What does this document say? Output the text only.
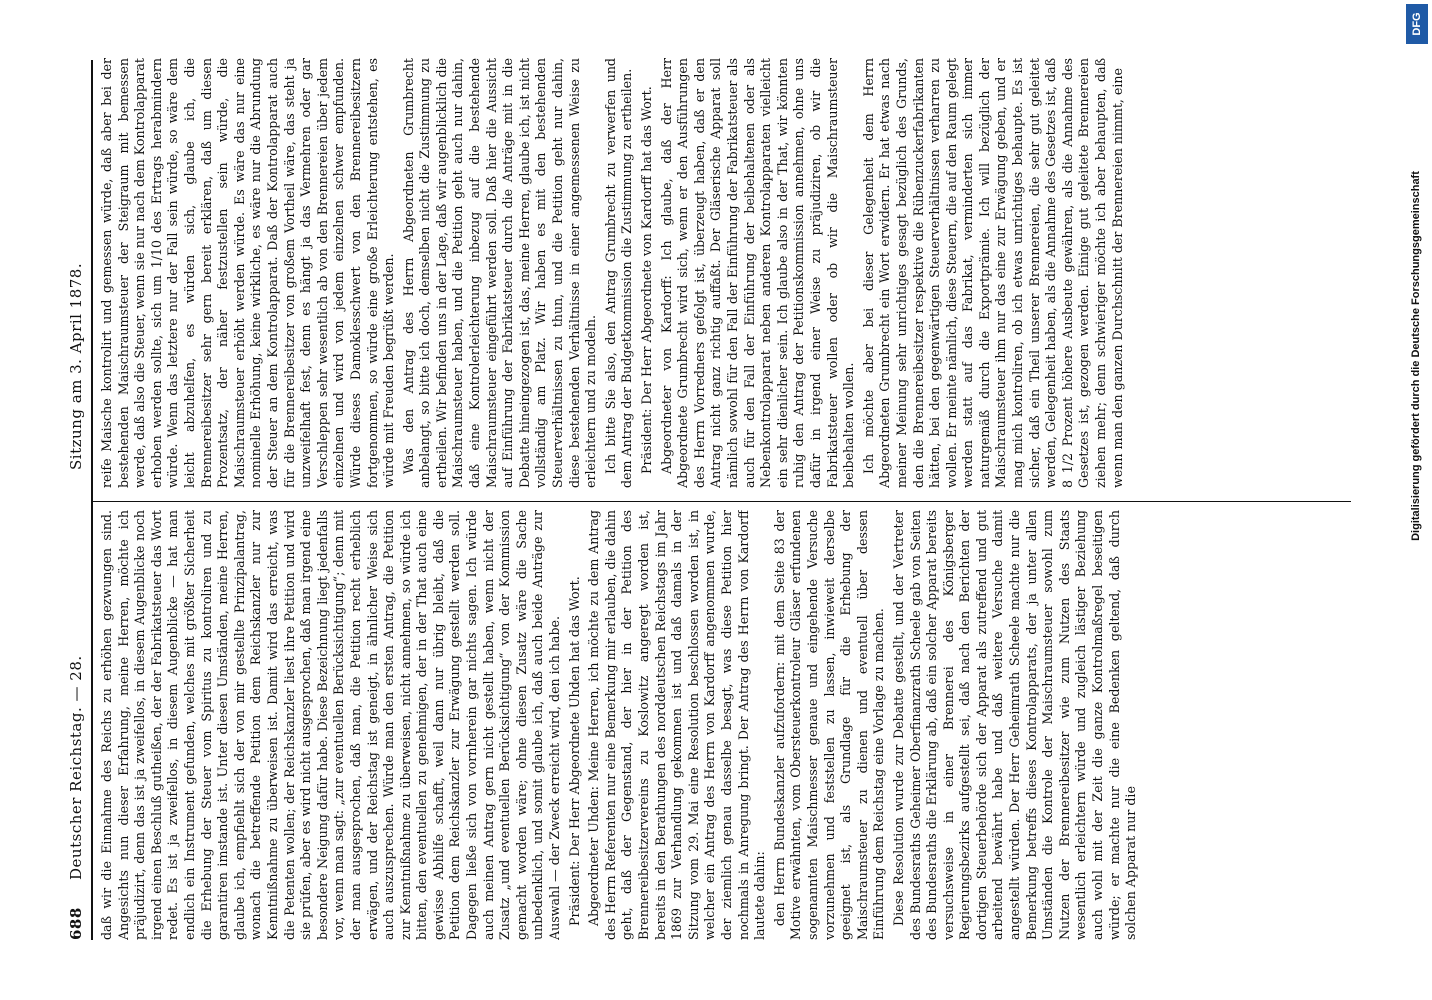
688
Deutscher Reichstag. — 28.
Sitzung am 3. April 1878.

daß wir die Einnahme des Reichs zu erhöhen gezwungen sind. Angesichts nun dieser Erfahrung, meine Herren, möchte ich präjudizirt, denn das ist ja zweifellos, in diesem Augenblicke noch irgend einen Beschluß gutheißen, der der Fabrikatsteuer das Wort redet. Es ist ja zweifellos, in diesem Augenblicke — hat man endlich ein Instrument gefunden, welches mit größter Sicherheit die Erhebung der Steuer vom Spiritus zu kontroliren und zu garantiren imstande ist. Unter diesen Umständen, meine Herren, glaube ich, empfiehlt sich der von mir gestellte Prinzipalantrag, wonach die betreffende Petition dem Reichskanzler nur zur Kenntnißnahme zu überweisen ist. Damit wird das erreicht, was die Petenten wollen; der Reichskanzler liest ihre Petition und wird sie prüfen, aber es wird nicht ausgesprochen, daß man irgend eine besondere Neigung dafür habe. Diese Bezeichnung liegt jedenfalls vor, wenn man sagt: „zur eventuellen Berücksichtigung“; denn mit der man ausgesprochen, daß man, die Petition recht erheblich erwägen, und der Reichstag ist geneigt, in ähnlicher Weise sich auch auszusprechen. Würde man den ersten Antrag, die Petition zur Kenntnißnahme zu überweisen, nicht annehmen, so würde ich bitten, den eventuellen zu genehmigen, der in der That auch eine gewisse Abhilfe schafft, weil dann nur übrig bleibt, daß die Petition dem Reichskanzler zur Erwägung gestellt werden soll. Dagegen ließe sich von vornherein gar nichts sagen. Ich würde auch meinen Antrag gern nicht gestellt haben, wenn nicht der Zusatz „und eventuellen Berücksichtigung“ von der Kommission gemacht worden wäre; ohne diesen Zusatz wäre die Sache unbedenklich, und somit glaube ich, daß auch beide Anträge zur Auswahl — der Zweck erreicht wird, den ich habe. Präsident: Der Herr Abgeordnete Uhden hat das Wort. Abgeordneter Uhden: Meine Herren, ich möchte zu dem Antrag des Herrn Referenten nur eine Bemerkung mir erlauben, die dahin geht, daß der Gegenstand, der hier in der Petition des Brennereibesitzervereins zu Koslowitz angeregt worden ist, bereits in den Berathungen des norddeutschen Reichstags im Jahr 1869 zur Verhandlung gekommen ist und daß damals in der Sitzung vom 29. Mai eine Resolution beschlossen worden ist, in welcher ein Antrag des Herrn von Kardorff angenommen wurde, der ziemlich genau dasselbe besagt, was diese Petition hier nochmals in Anregung bringt. Der Antrag des Herrn von Kardorff lautete dahin: den Herrn Bundeskanzler aufzufordern: mit dem Seite 83 der Motive erwähnten, vom Obersteuerkontroleur Gläser erfundenen sogenannten Maischmesser genaue und eingehende Versuche vorzunehmen und feststellen zu lassen, inwieweit derselbe geeignet ist, als Grundlage für die Erhebung der Maischraumsteuer zu dienen und eventuell über dessen Einführung dem Reichstag eine Vorlage zu machen. Diese Resolution wurde zur Debatte gestellt, und der Vertreter des Bundesraths Geheimer Oberfinanzrath Scheele gab von Seiten des Bundesraths die Erklärung ab, daß ein solcher Apparat bereits versuchsweise in einer Brennerei des Königsberger Regierungsbezirks aufgestellt sei, daß nach den Berichten der dortigen Steuerbehörde sich der Apparat als zutreffend und gut arbeitend bewährt habe und daß weitere Versuche damit angestellt würden. Der Herr Geheimrath Scheele machte nur die Bemerkung betreffs dieses Kontrolapparats, der ja unter allen Umständen die Kontrole der Maischraumsteuer sowohl zum Nutzen der Brennereibesitzer wie zum Nutzen des Staats wesentlich erleichtern würde und zugleich lästiger Beziehung auch wohl mit der Zeit die ganze Kontrolmaßregel beseitigen würde; er machte nur die eine Bedenken geltend, daß durch solchen Apparat nur die

reife Maische kontrolirt und gemessen würde, daß aber bei der bestehenden Maischraumsteuer der Steigraum mit bemessen werde, daß also die Steuer, wenn sie nur nach dem Kontrolapparat erhoben werden sollte, sich um 1/10 des Ertrags herabmindern würde. Wenn das letztere nur der Fall sein würde, so wäre dem leicht abzuhelfen, es würden sich, glaube ich, die Brennereibesitzer sehr gern bereit erklären, daß um diesen Prozentsatz, der näher festzustellen sein würde, die Maischraumsteuer erhöht werden würde. Es wäre das nur eine nominelle Erhöhung, keine wirkliche, es wäre nur die Abrundung der Steuer an dem Kontrolapparat. Daß der Kontrolapparat auch für die Brennereibesitzer von großem Vortheil wäre, das steht ja unzweifelhaft fest, denn es hängt ja das Vermehren oder gar Verschleppen sehr wesentlich ab von den Brennereien über jedem einzelnen und wird von jedem einzelnen schwer empfunden. Würde dieses Damoklesschwert von den Brennereibesitzern fortgenommen, so würde eine große Erleichterung entstehen, es würde mit Freuden begrüßt werden. Was den Antrag des Herrn Abgeordneten Grumbrecht anbelangt, so bitte ich doch, demselben nicht die Zustimmung zu ertheilen. Wir befinden uns in der Lage, daß wir augenblicklich die Maischraumsteuer haben, und die Petition geht auch nur dahin, daß eine Kontrolerleichterung inbezug auf die bestehende Maischraumsteuer eingeführt werden soll. Daß hier die Aussicht auf Einführung der Fabrikatsteuer durch die Anträge mit in die Debatte hineingezogen ist, das, meine Herren, glaube ich, ist nicht vollständig am Platz. Wir haben es mit den bestehenden Steuerverhältnissen zu thun, und die Petition geht nur dahin, diese bestehenden Verhältnisse in einer angemessenen Weise zu erleichtern und zu modeln. Ich bitte Sie also, den Antrag Grumbrecht zu verwerfen und dem Antrag der Budgetkommission die Zustimmung zu ertheilen. Präsident: Der Herr Abgeordnete von Kardorff hat das Wort. Abgeordneter von Kardorff: Ich glaube, daß der Herr Abgeordnete Grumbrecht wird sich, wenn er den Ausführungen des Herrn Vorredners gefolgt ist, überzeugt haben, daß er den Antrag nicht ganz richtig auffaßt. Der Gläserische Apparat soll nämlich sowohl für den Fall der Einführung der Fabrikatsteuer als auch für den Fall der Einführung der beibehaltenen oder als Nebenkontrolapparat neben anderen Kontrolapparaten vielleicht ein sehr dienlicher sein. Ich glaube also in der That, wir könnten ruhig den Antrag der Petitionskommission annehmen, ohne uns dafür in irgend einer Weise zu präjudiziren, ob wir die Fabrikatsteuer wollen oder ob wir die Maischraumsteuer beibehalten wollen. Ich möchte aber bei dieser Gelegenheit dem Herrn Abgeordneten Grumbrecht ein Wort erwidern. Er hat etwas nach meiner Meinung sehr unrichtiges gesagt bezüglich des Grunds, den die Brennereibesitzer respektive die Rübenzuckerfabrikanten hätten, bei den gegenwärtigen Steuerverhältnissen verharren zu wollen. Er meinte nämlich, diese Steuern, die auf den Raum gelegt werden statt auf das Fabrikat, verminderten sich immer naturgemäß durch die Exportprämie. Ich will bezüglich der Maischraumsteuer ihm nur das eine zur Erwägung geben, und er mag mich kontroliren, ob ich etwas unrichtiges behaupte. Es ist sicher, daß ein Theil unserer Brennereien, die sehr gut geleitet werden, Gelegenheit haben, als die Annahme des Gesetzes ist, daß 8 1/2 Prozent höhere Ausbeute gewähren, als die Annahme des Gesetzes ist, gezogen werden. Einige gut geleitete Brennereien ziehen mehr; denn schwieriger möchte ich aber behaupten, daß wenn man den ganzen Durchschnitt der Brennereien nimmt, eine

DFG
Digitalisierung gefördert durch die Deutsche Forschungsgemeinschaft
